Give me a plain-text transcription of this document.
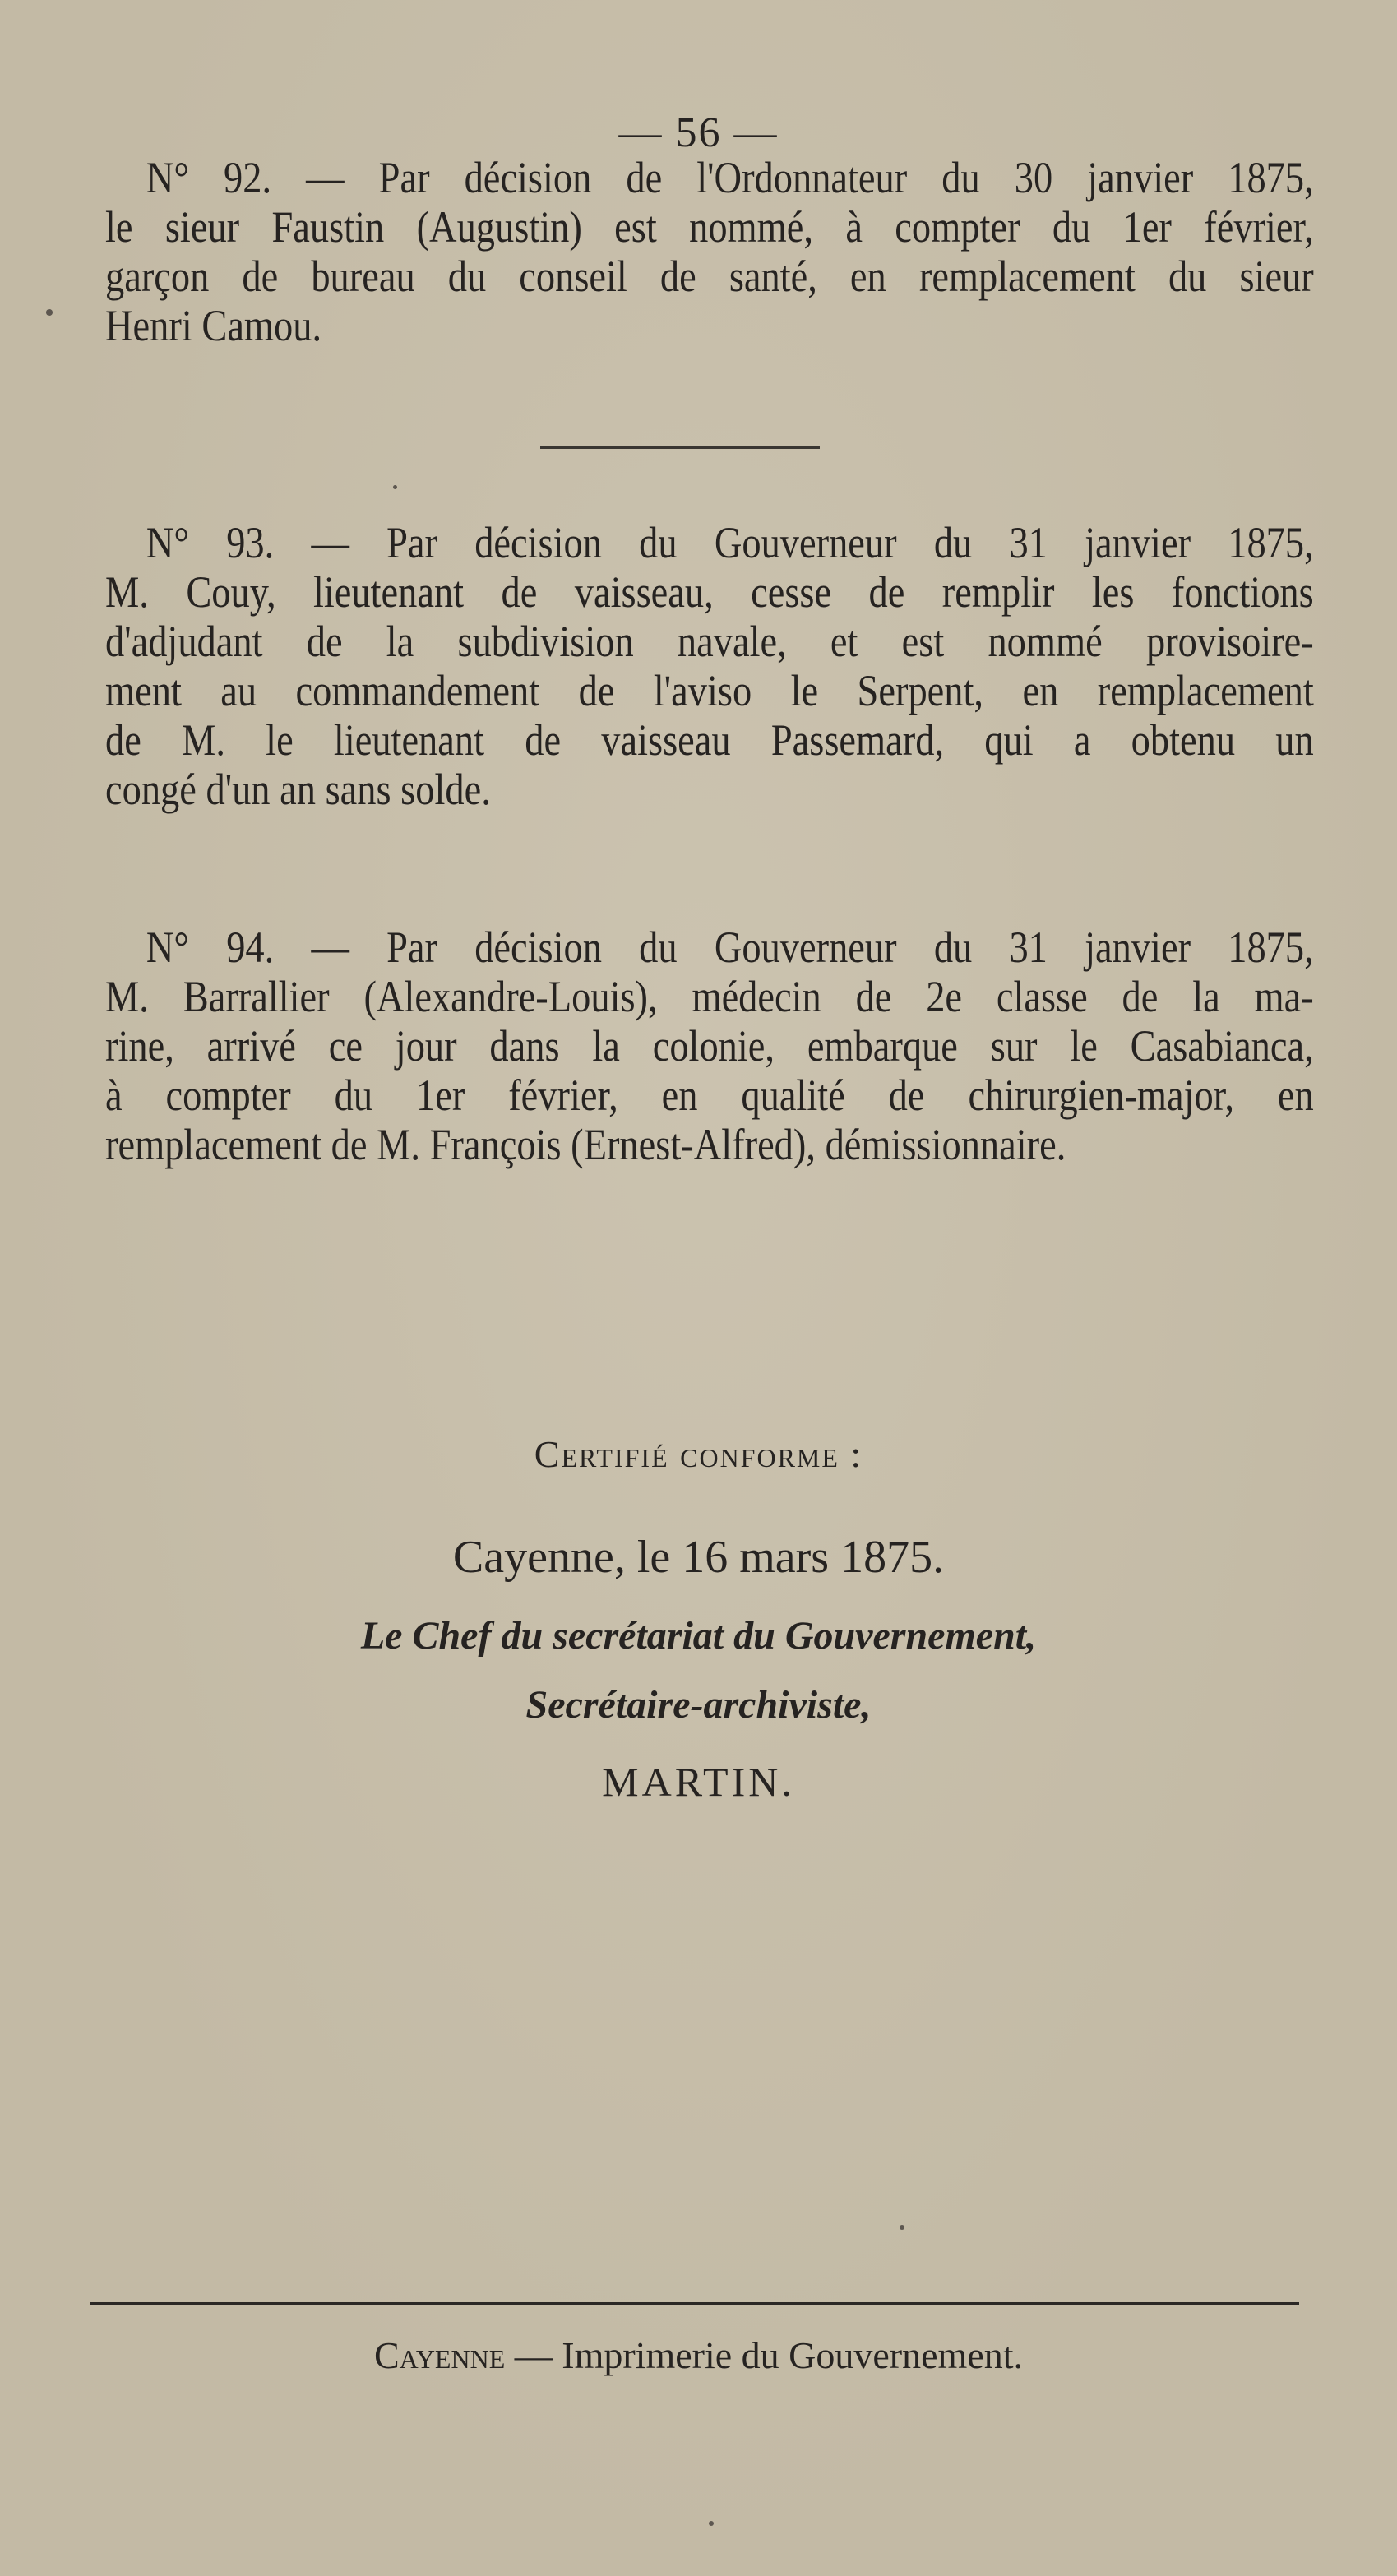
— 56 —
N° 92. — Par décision de l'Ordonnateur du 30 janvier 1875,
le sieur Faustin (Augustin) est nommé, à compter du 1er février,
garçon de bureau du conseil de santé, en remplacement du sieur
Henri Camou.
N° 93. — Par décision du Gouverneur du 31 janvier 1875,
M. Couy, lieutenant de vaisseau, cesse de remplir les fonctions
d'adjudant de la subdivision navale, et est nommé provisoire-
ment au commandement de l'aviso le Serpent, en remplacement
de M. le lieutenant de vaisseau Passemard, qui a obtenu un
congé d'un an sans solde.
N° 94. — Par décision du Gouverneur du 31 janvier 1875,
M. Barrallier (Alexandre-Louis), médecin de 2e classe de la ma-
rine, arrivé ce jour dans la colonie, embarque sur le Casabianca,
à compter du 1er février, en qualité de chirurgien-major, en
remplacement de M. François (Ernest-Alfred), démissionnaire.
Certifié conforme :
Cayenne, le 16 mars 1875.
Le Chef du secrétariat du Gouvernement,
Secrétaire-archiviste,
MARTIN.
Cayenne — Imprimerie du Gouvernement.
